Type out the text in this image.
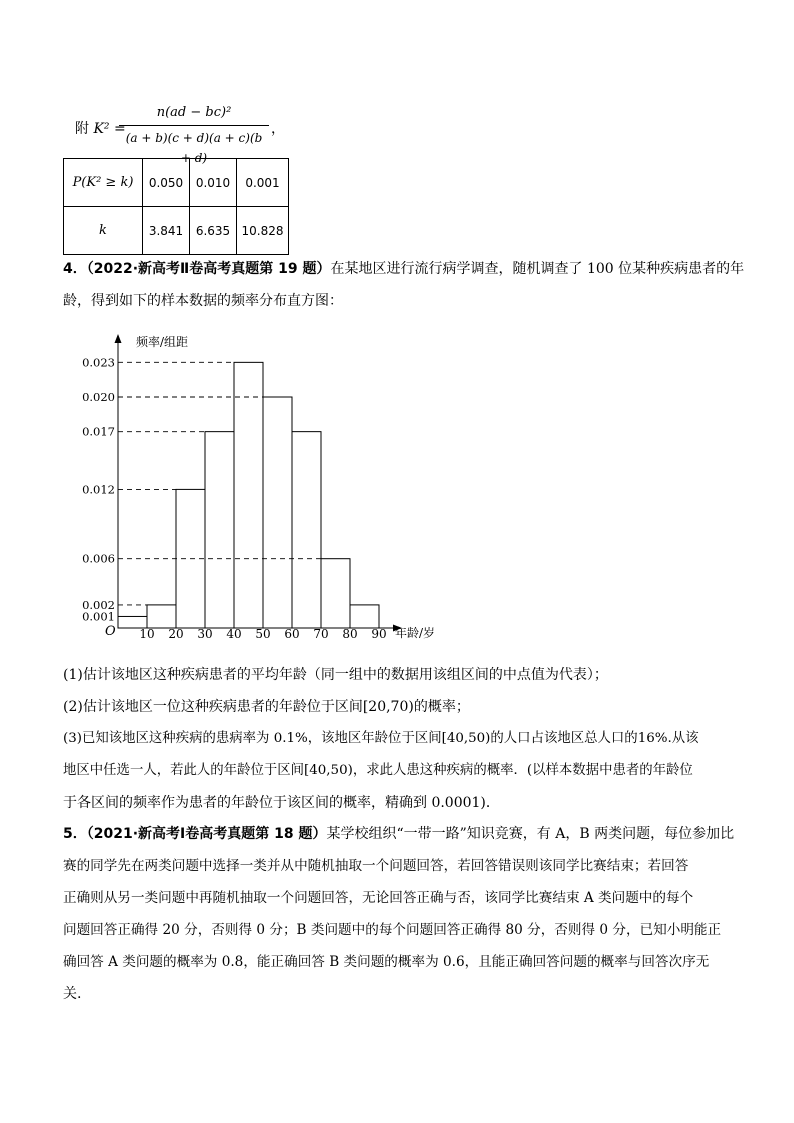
附 K² =
n(ad − bc)²
(a + b)(c + d)(a + c)(b + d)
，
P(K² ≥ k)	0.050	0.010	0.001
k	3.841	6.635	10.828
4．（2022·新高考Ⅱ卷高考真题第 19 题）在某地区进行流行病学调查，随机调查了 100 位某种疾病患者的年
龄，得到如下的样本数据的频率分布直方图：
频率/组距
年龄/岁
O
0.001
0.002
0.006
0.012
0.017
0.020
0.023
10 20 30 40 50 60 70 80 90
(1)估计该地区这种疾病患者的平均年龄（同一组中的数据用该组区间的中点值为代表）；
(2)估计该地区一位这种疾病患者的年龄位于区间[20,70)的概率；
(3)已知该地区这种疾病的患病率为 0.1%，该地区年龄位于区间[40,50)的人口占该地区总人口的16%.从该
地区中任选一人，若此人的年龄位于区间[40,50)，求此人患这种疾病的概率．(以样本数据中患者的年龄位
于各区间的频率作为患者的年龄位于该区间的概率，精确到 0.0001)．
5．（2021·新高考Ⅰ卷高考真题第 18 题）某学校组织“一带一路”知识竞赛，有 A，B 两类问题，每位参加比
赛的同学先在两类问题中选择一类并从中随机抽取一个问题回答，若回答错误则该同学比赛结束；若回答
正确则从另一类问题中再随机抽取一个问题回答，无论回答正确与否，该同学比赛结束 A 类问题中的每个
问题回答正确得 20 分，否则得 0 分；B 类问题中的每个问题回答正确得 80 分，否则得 0 分，已知小明能正
确回答 A 类问题的概率为 0.8，能正确回答 B 类问题的概率为 0.6，且能正确回答问题的概率与回答次序无
关.
